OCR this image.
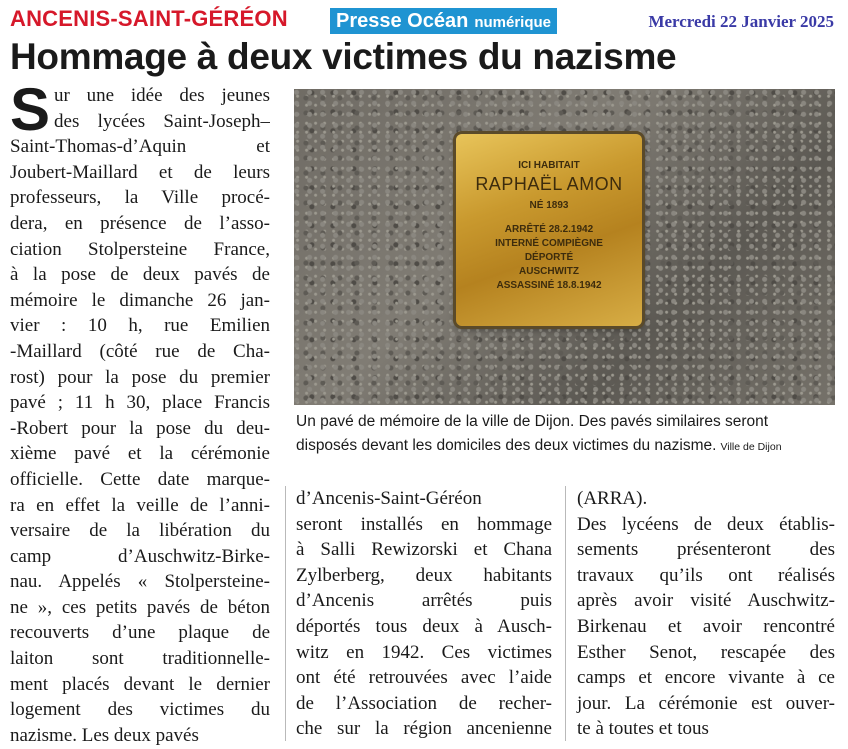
ANCENIS-SAINT-GÉRÉON Presse Océan numérique	Mercredi 22 Janvier 2025
Hommage à deux victimes du nazisme
S ur une idée des jeunes
des lycées Saint-Joseph–
Saint-Thomas-d’Aquin et
Joubert-Maillard et de leurs
professeurs, la Ville procé-
dera, en présence de l’asso-
ciation Stolpersteine France,
à la pose de deux pavés de
mémoire le dimanche 26 jan-
vier : 10 h, rue Emilien
-Maillard (côté rue de Cha-
rost) pour la pose du premier
pavé ; 11 h 30, place Francis
-Robert pour la pose du deu-
xième pavé et la cérémonie
officielle. Cette date marque-
ra en effet la veille de l’anni-
versaire de la libération du
camp d’Auschwitz-Birke-
nau. Appelés « Stolpersteine-
ne », ces petits pavés de béton
recouverts d’une plaque de
laiton sont traditionnelle-
ment placés devant le dernier
logement des victimes du
nazisme. Les deux pavés
ICI HABITAIT
RAPHAËL AMON
NÉ 1893
ARRÊTÉ 28.2.1942
INTERNÉ COMPIÈGNE
DÉPORTÉ
AUSCHWITZ
ASSASSINÉ 18.8.1942
Un pavé de mémoire de la ville de Dijon. Des pavés similaires seront
disposés devant les domiciles des deux victimes du nazisme. Ville de Dijon
d’Ancenis-Saint-Géréon
seront installés en hommage
à Salli Rewizorski et Chana
Zylberberg, deux habitants
d’Ancenis arrêtés puis
déportés tous deux à Ausch-
witz en 1942. Ces victimes
ont été retrouvées avec l’aide
de l’Association de recher-
che sur la région ancenienne
(ARRA).
Des lycéens de deux établis-
sements présenteront des
travaux qu’ils ont réalisés
après avoir visité Auschwitz-
Birkenau et avoir rencontré
Esther Senot, rescapée des
camps et encore vivante à ce
jour. La cérémonie est ouver-
te à toutes et tous
